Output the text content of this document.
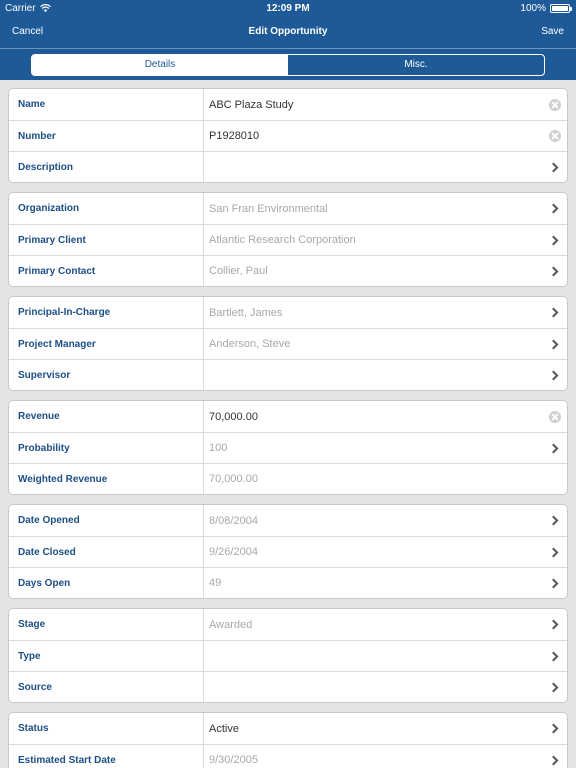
Carrier	12:09 PM	100%
Cancel	Edit Opportunity	Save
Details	Misc.
Name	ABC Plaza Study
Number	P1928010
Description
Organization	San Fran Environmental
Primary Client	Atlantic Research Corporation
Primary Contact	Collier, Paul
Principal-In-Charge	Bartlett, James
Project Manager	Anderson, Steve
Supervisor
Revenue	70,000.00
Probability	100
Weighted Revenue	70,000.00
Date Opened	8/08/2004
Date Closed	9/26/2004
Days Open	49
Stage	Awarded
Type
Source
Status	Active
Estimated Start Date	9/30/2005
